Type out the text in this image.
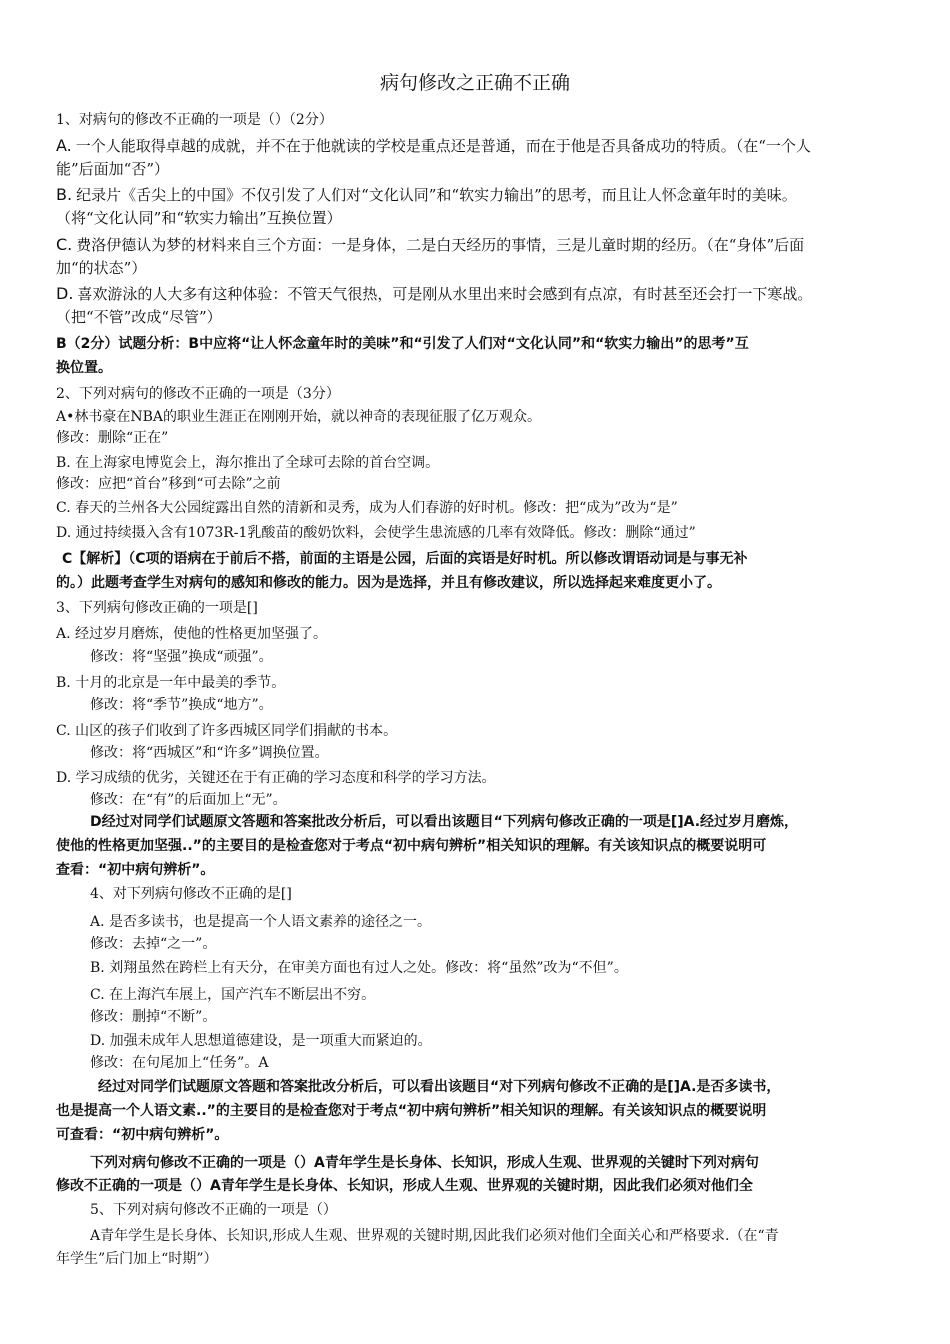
病句修改之正确不正确
1、对病句的修改不正确的一项是（）（2分）
A. 一个人能取得卓越的成就，并不在于他就读的学校是重点还是普通，而在于他是否具备成功的特质。（在“一个人
能”后面加“否”）
B. 纪录片《舌尖上的中国》不仅引发了人们对“文化认同”和“软实力输出”的思考，而且让人怀念童年时的美味。
（将“文化认同”和“软实力输出”互换位置）
C. 费洛伊德认为梦的材料来自三个方面：一是身体，二是白天经历的事情，三是儿童时期的经历。（在“身体”后面
加“的状态”）
D. 喜欢游泳的人大多有这种体验：不管天气很热，可是刚从水里出来时会感到有点凉，有时甚至还会打一下寒战。
（把“不管”改成“尽管”）
B（2分）试题分析：B中应将“让人怀念童年时的美味”和“引发了人们对“文化认同”和“软实力输出”的思考”互
换位置。
2、下列对病句的修改不正确的一项是（3分）
A•林书豪在NBA的职业生涯正在刚刚开始，就以神奇的表现征服了亿万观众。
修改：删除“正在”
B. 在上海家电博览会上，海尔推出了全球可去除的首台空调。
修改：应把“首台”移到“可去除”之前
C. 春天的兰州各大公园绽露出自然的清新和灵秀，成为人们春游的好时机。修改：把“成为”改为“是”
D. 通过持续摄入含有1073R-1乳酸苗的酸奶饮料，会使学生患流感的几率有效降低。修改：删除“通过”
C【解析】（C项的语病在于前后不搭，前面的主语是公园，后面的宾语是好时机。所以修改谓语动词是与事无补
的。）此题考查学生对病句的感知和修改的能力。因为是选择，并且有修改建议，所以选择起来难度更小了。
3、下列病句修改正确的一项是[]
A. 经过岁月磨炼，使他的性格更加坚强了。
修改：将“坚强”换成“顽强”。
B. 十月的北京是一年中最美的季节。
修改：将“季节”换成“地方”。
C. 山区的孩子们收到了许多西城区同学们捐献的书本。
修改：将“西城区”和“许多”调换位置。
D. 学习成绩的优劣，关键还在于有正确的学习态度和科学的学习方法。
修改：在“有”的后面加上“无”。
D经过对同学们试题原文答题和答案批改分析后，可以看出该题目“下列病句修改正确的一项是[]A.经过岁月磨炼，
使他的性格更加坚强..”的主要目的是检查您对于考点“初中病句辨析”相关知识的理解。有关该知识点的概要说明可
查看：“初中病句辨析”。
4、对下列病句修改不正确的是[]
A. 是否多读书，也是提高一个人语文素养的途径之一。
修改：去掉“之一”。
B. 刘翔虽然在跨栏上有天分，在审美方面也有过人之处。修改：将“虽然”改为“不但”。
C. 在上海汽车展上，国产汽车不断层出不穷。
修改：删掉“不断”。
D. 加强未成年人思想道德建设，是一项重大而紧迫的。
修改：在句尾加上“任务”。A
经过对同学们试题原文答题和答案批改分析后，可以看出该题目“对下列病句修改不正确的是[]A.是否多读书，
也是提高一个人语文素..”的主要目的是检查您对于考点“初中病句辨析”相关知识的理解。有关该知识点的概要说明
可查看：“初中病句辨析”。
下列对病句修改不正确的一项是（）A青年学生是长身体、长知识，形成人生观、世界观的关键时下列对病句
修改不正确的一项是（）A青年学生是长身体、长知识，形成人生观、世界观的关键时期，因此我们必须对他们全
5、下列对病句修改不正确的一项是（）
A青年学生是长身体、长知识,形成人生观、世界观的关键时期,因此我们必须对他们全面关心和严格要求.（在“青
年学生”后门加上“时期”）
